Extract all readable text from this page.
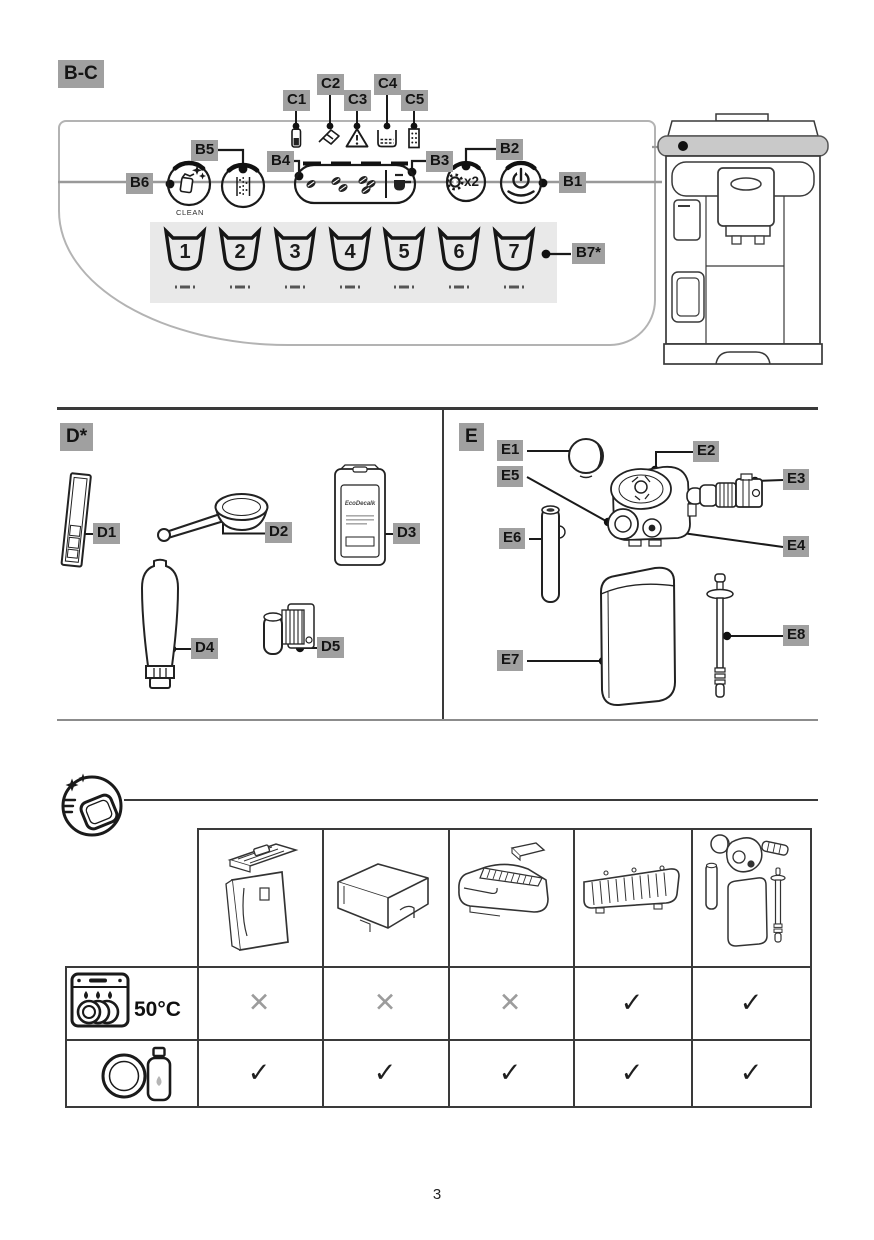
B-C
C1
C2
C3
C4
C5
B6
B5
B4	B3
B2
B1
B7*
CLEAN
x2
1	2	3	4	5	6	7
EcoDecalk
D*
D1	D2	D3
D4	D5
E
E1	E2
E5	E3
E4
E6
E7
E8
50°C ✕	✕	✕	✓	✓
✓	✓	✓	✓	✓
3
